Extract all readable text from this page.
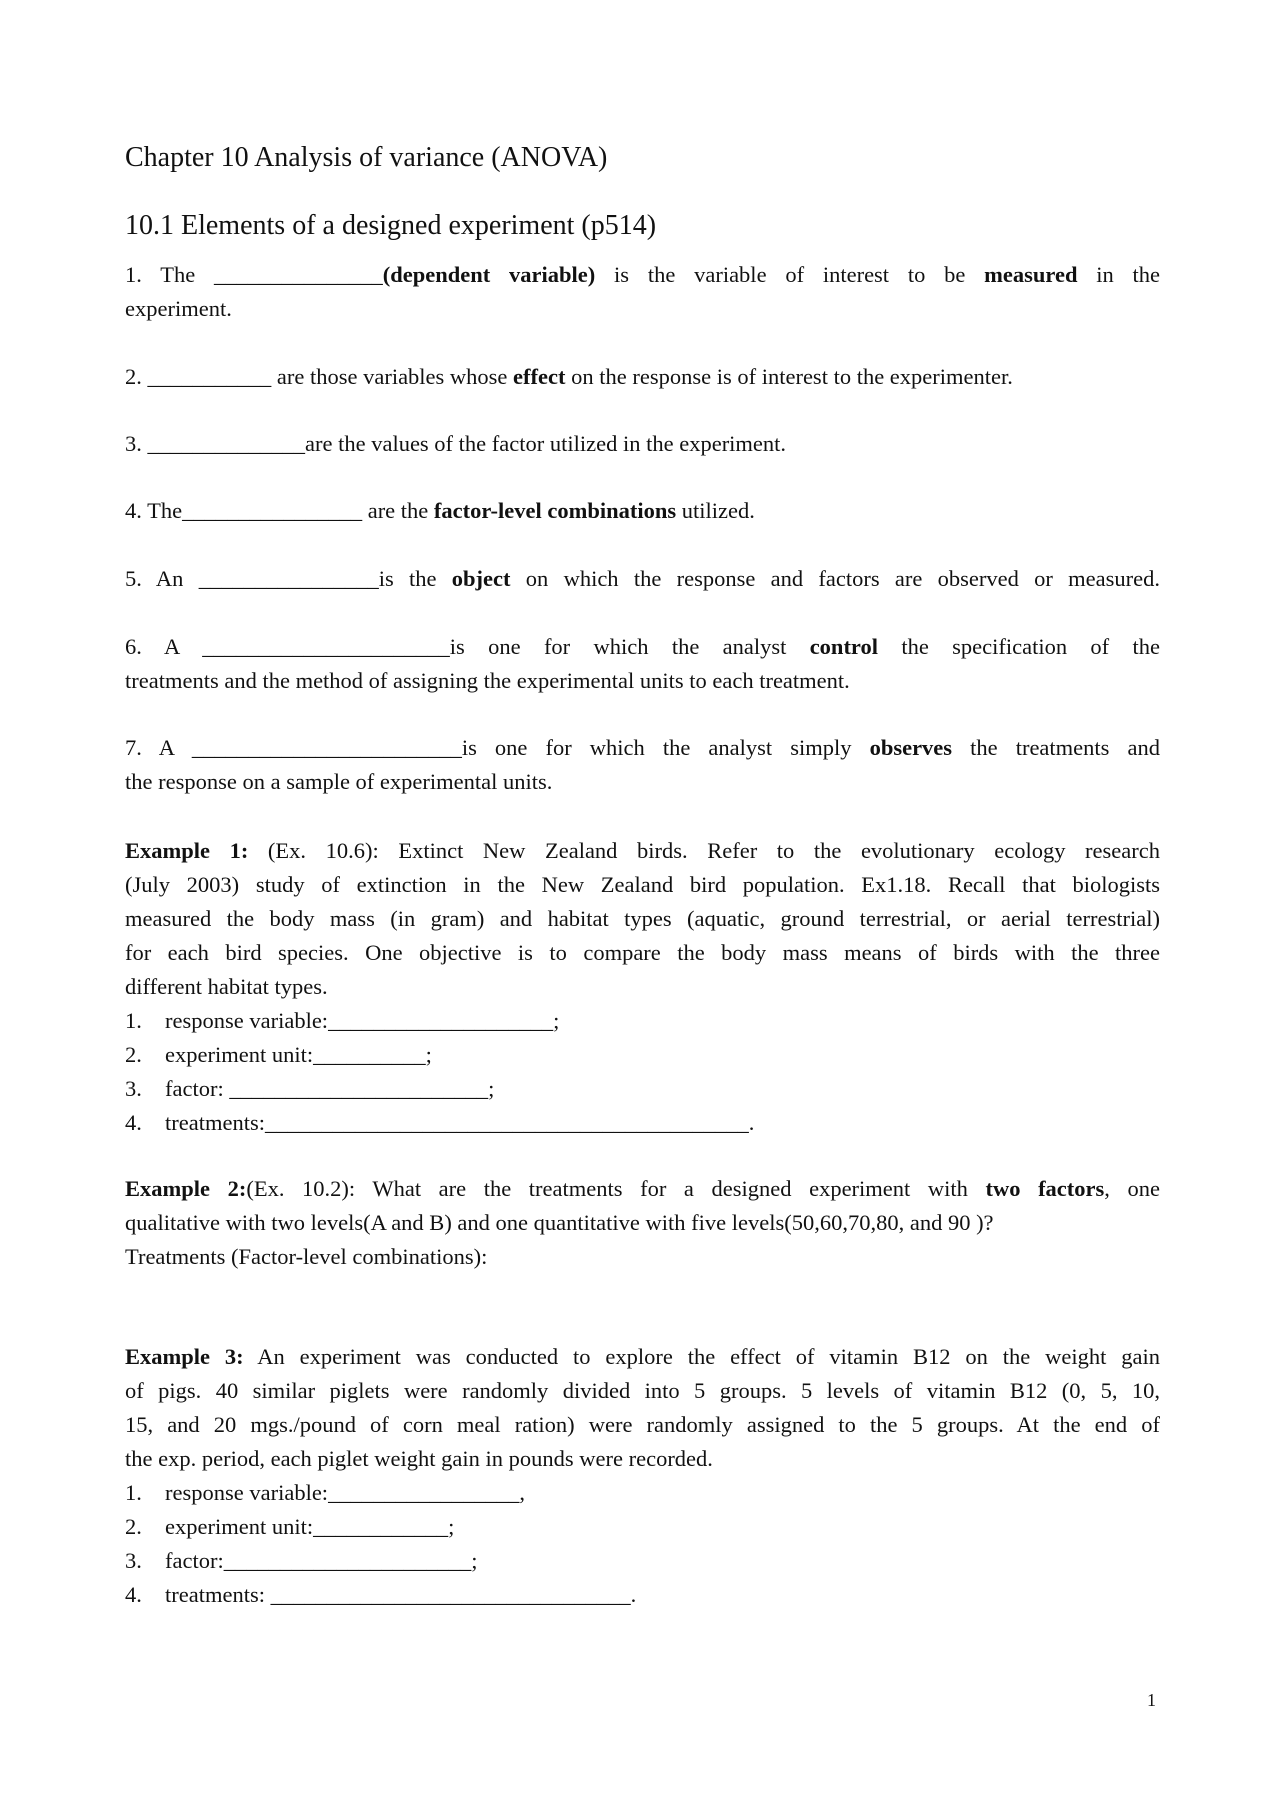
Chapter 10 Analysis of variance (ANOVA)
10.1 Elements of a designed experiment (p514)
1. The _______________(dependent variable) is the variable of interest to be measured in the
experiment.
2. ___________ are those variables whose effect on the response is of interest to the experimenter.
3. ______________are the values of the factor utilized in the experiment.
4. The________________ are the factor-level combinations utilized.
5. An ________________is the object on which the response and factors are observed or measured.
6. A ______________________is one for which the analyst control the specification of the
treatments and the method of assigning the experimental units to each treatment.
7. A ________________________is one for which the analyst simply observes the treatments and
the response on a sample of experimental units.
Example 1: (Ex. 10.6): Extinct New Zealand birds. Refer to the evolutionary ecology research
(July 2003) study of extinction in the New Zealand bird population. Ex1.18. Recall that biologists
measured the body mass (in gram) and habitat types (aquatic, ground terrestrial, or aerial terrestrial)
for each bird species. One objective is to compare the body mass means of birds with the three
different habitat types.
1. response variable:____________________;
2. experiment unit:__________;
3. factor: _______________________;
4. treatments:___________________________________________.
Example 2:(Ex. 10.2): What are the treatments for a designed experiment with two factors, one
qualitative with two levels(A and B) and one quantitative with five levels(50,60,70,80, and 90 )?
Treatments (Factor-level combinations):
Example 3: An experiment was conducted to explore the effect of vitamin B12 on the weight gain
of pigs. 40 similar piglets were randomly divided into 5 groups. 5 levels of vitamin B12 (0, 5, 10,
15, and 20 mgs./pound of corn meal ration) were randomly assigned to the 5 groups. At the end of
the exp. period, each piglet weight gain in pounds were recorded.
1. response variable:_________________,
2. experiment unit:____________;
3. factor:______________________;
4. treatments: ________________________________.
1
